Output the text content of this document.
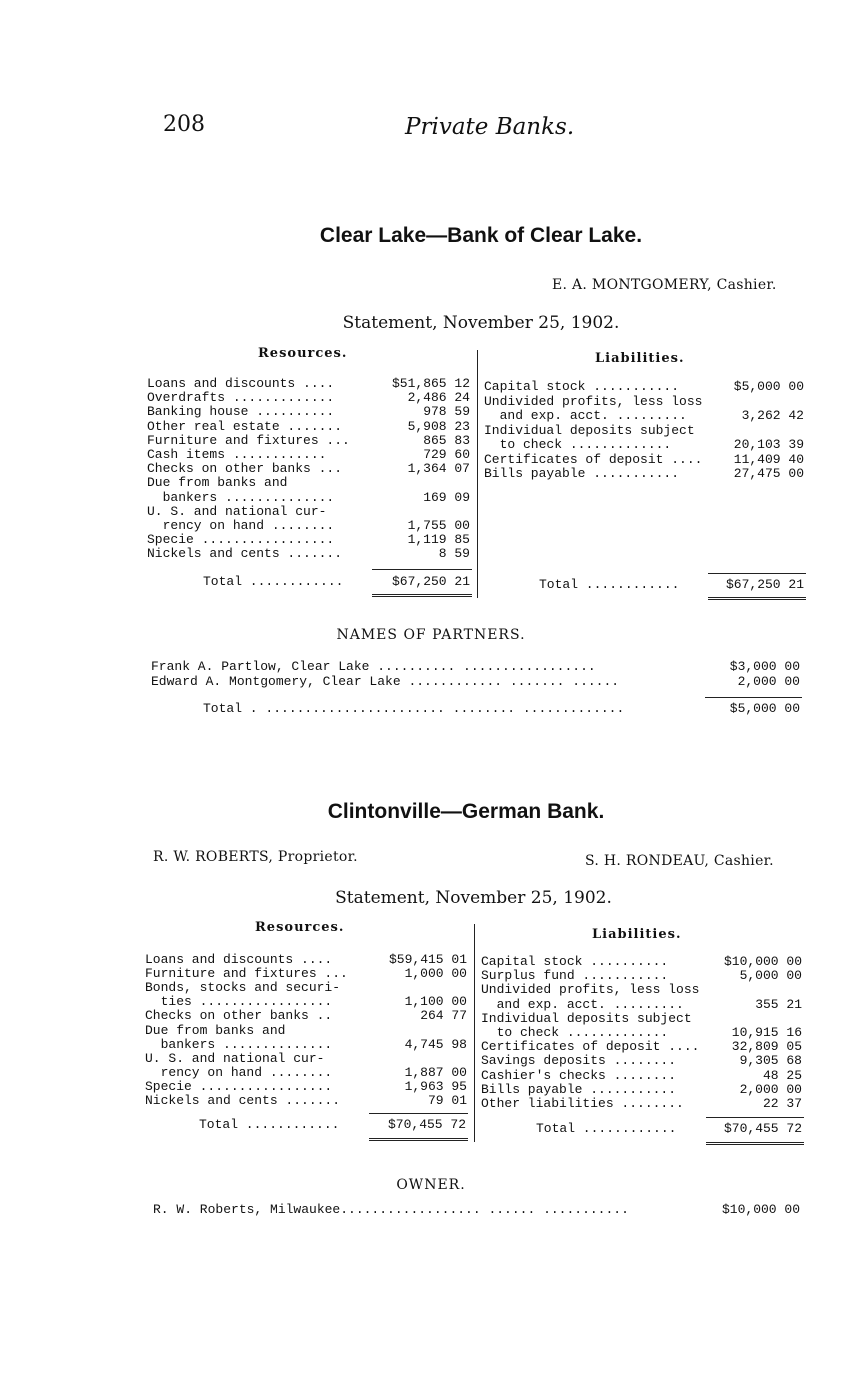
208	Private Banks.
Clear Lake—Bank of Clear Lake.
E. A. MONTGOMERY, Cashier.
Statement, November 25, 1902.
Resources.	Liabilities.
Loans and discounts ....	$51,865 12
Overdrafts .............	2,486 24
Banking house ..........	978 59
Other real estate .......	5,908 23
Furniture and fixtures ...	865 83
Cash items ............	729 60
Checks on other banks ...	1,364 07
Due from banks and
bankers ..............	169 09
U. S. and national cur-
rency on hand ........	1,755 00
Specie .................	1,119 85
Nickels and cents .......	8 59
Capital stock ...........	$5,000 00
Undivided profits, less loss
and exp. acct. .........	3,262 42
Individual deposits subject
to check .............	20,103 39
Certificates of deposit .... 11,409 40
Bills payable ...........	27,475 00
Total ............	$67,250 21	Total ............	$67,250 21
NAMES OF PARTNERS.
Frank A. Partlow, Clear Lake .......... .................	$3,000 00
Edward A. Montgomery, Clear Lake ............ ....... ......	2,000 00
Total . ....................... ........ .............	$5,000 00
Clintonville—German Bank.
R. W. ROBERTS, Proprietor.	S. H. RONDEAU, Cashier.
Statement, November 25, 1902.
Resources.	Liabilities.
Loans and discounts ....	$59,415 01
Furniture and fixtures ...	1,000 00
Bonds, stocks and securi-
ties .................	1,100 00
Checks on other banks ..	264 77
Due from banks and
bankers ..............	4,745 98
U. S. and national cur-
rency on hand ........	1,887 00
Specie .................	1,963 95
Nickels and cents .......	79 01
Capital stock ..........	$10,000 00
Surplus fund ...........	5,000 00
Undivided profits, less loss
and exp. acct. .........	355 21
Individual deposits subject
to check .............	10,915 16
Certificates of deposit .... 32,809 05
Savings deposits ........	9,305 68
Cashier's checks ........	48 25
Bills payable ...........	2,000 00
Other liabilities ........	22 37
Total ............	$70,455 72	Total ............	$70,455 72
OWNER.
R. W. Roberts, Milwaukee.................. ...... ...........	$10,000 00
